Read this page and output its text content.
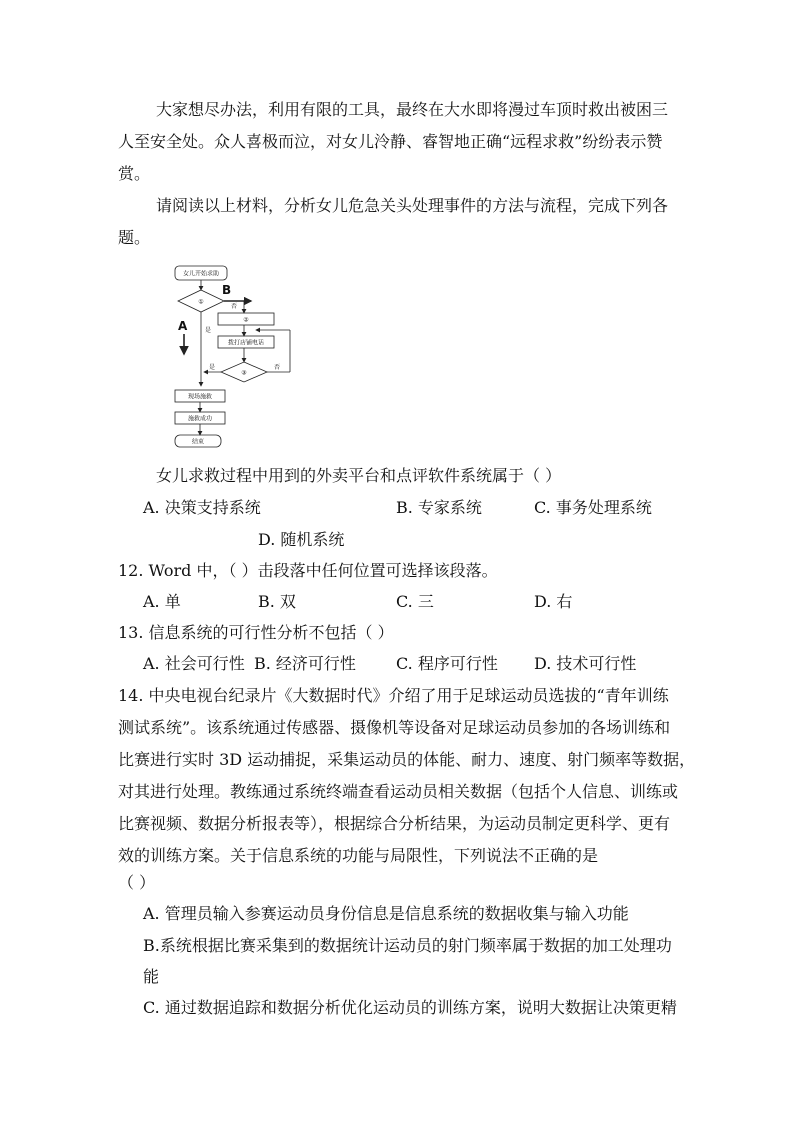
大家想尽办法，利用有限的工具，最终在大水即将漫过车顶时救出被困三
人至安全处。众人喜极而泣，对女儿泠静、睿智地正确“远程求救”纷纷表示赞
赏。
请阅读以上材料，分析女儿危急关头处理事件的方法与流程，完成下列各
题。
女儿开始求助
①
否
是
②
拨打店铺电话
③
是	否
现场施救
施救成功
结束
A
B
女儿求救过程中用到的外卖平台和点评软件系统属于（ ）
A. 决策支持系统	B. 专家系统	C. 事务处理系统
D. 随机系统
12. Word 中，（ ）击段落中任何位置可选择该段落。
A. 单	B. 双	C. 三	D. 右
13. 信息系统的可行性分析不包括（ ）
A. 社会可行性 B. 经济可行性	C. 程序可行性 D. 技术可行性
14. 中央电视台纪录片《大数据时代》介绍了用于足球运动员选拔的“青年训练
测试系统”。该系统通过传感器、摄像机等设备对足球运动员参加的各场训练和
比赛进行实时 3D 运动捕捉，采集运动员的体能、耐力、速度、射门频率等数据，
对其进行处理。教练通过系统终端查看运动员相关数据（包括个人信息、训练或
比赛视频、数据分析报表等），根据综合分析结果，为运动员制定更科学、更有
效的训练方案。关于信息系统的功能与局限性，下列说法不正确的是
（ ）
A. 管理员输入参赛运动员身份信息是信息系统的数据收集与输入功能
B.系统根据比赛采集到的数据统计运动员的射门频率属于数据的加工处理功
能
C. 通过数据追踪和数据分析优化运动员的训练方案，说明大数据让决策更精
